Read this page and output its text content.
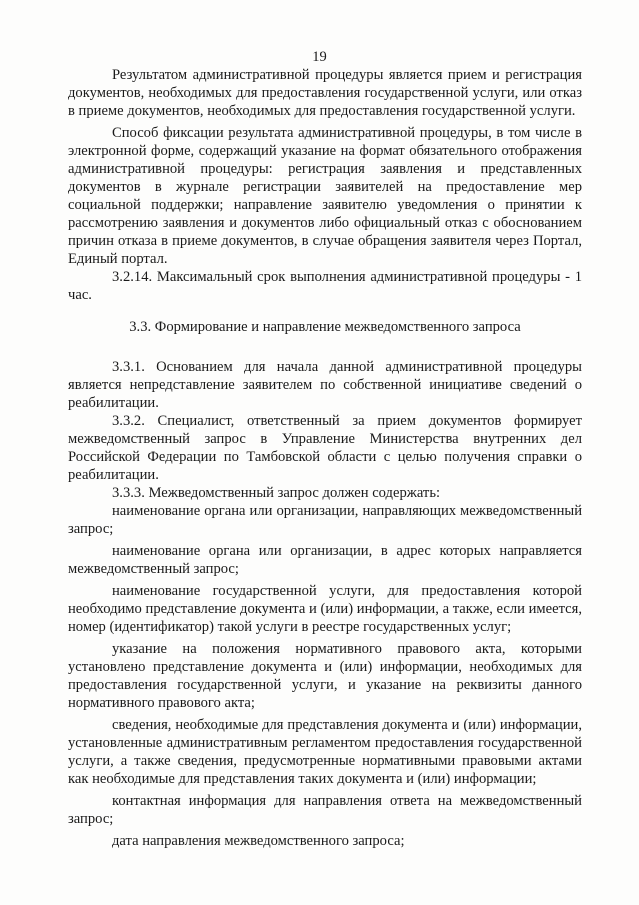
19

Результатом административной процедуры является прием и регистрация документов, необходимых для предоставления государственной услуги, или отказ в приеме документов, необходимых для предоставления государственной услуги.

Способ фиксации результата административной процедуры, в том числе в электронной форме, содержащий указание на формат обязательного отображения административной процедуры: регистрация заявления и представленных документов в журнале регистрации заявителей на предоставление мер социальной поддержки; направление заявителю уведомления о принятии к рассмотрению заявления и документов либо официальный отказ с обоснованием причин отказа в приеме документов, в случае обращения заявителя через Портал, Единый портал.

3.2.14. Максимальный срок выполнения административной процедуры - 1 час.

3.3. Формирование и направление межведомственного запроса

3.3.1. Основанием для начала данной административной процедуры является непредставление заявителем по собственной инициативе сведений о реабилитации.

3.3.2. Специалист, ответственный за прием документов формирует межведомственный запрос в Управление Министерства внутренних дел Российской Федерации по Тамбовской области с целью получения справки о реабилитации.

3.3.3. Межведомственный запрос должен содержать:

наименование органа или организации, направляющих межведомственный запрос;

наименование органа или организации, в адрес которых направляется межведомственный запрос;

наименование государственной услуги, для предоставления которой необходимо представление документа и (или) информации, а также, если имеется, номер (идентификатор) такой услуги в реестре государственных услуг;

указание на положения нормативного правового акта, которыми установлено представление документа и (или) информации, необходимых для предоставления государственной услуги, и указание на реквизиты данного нормативного правового акта;

сведения, необходимые для представления документа и (или) информации, установленные административным регламентом предоставления государственной услуги, а также сведения, предусмотренные нормативными правовыми актами как необходимые для представления таких документа и (или) информации;

контактная информация для направления ответа на межведомственный запрос;

дата направления межведомственного запроса;
